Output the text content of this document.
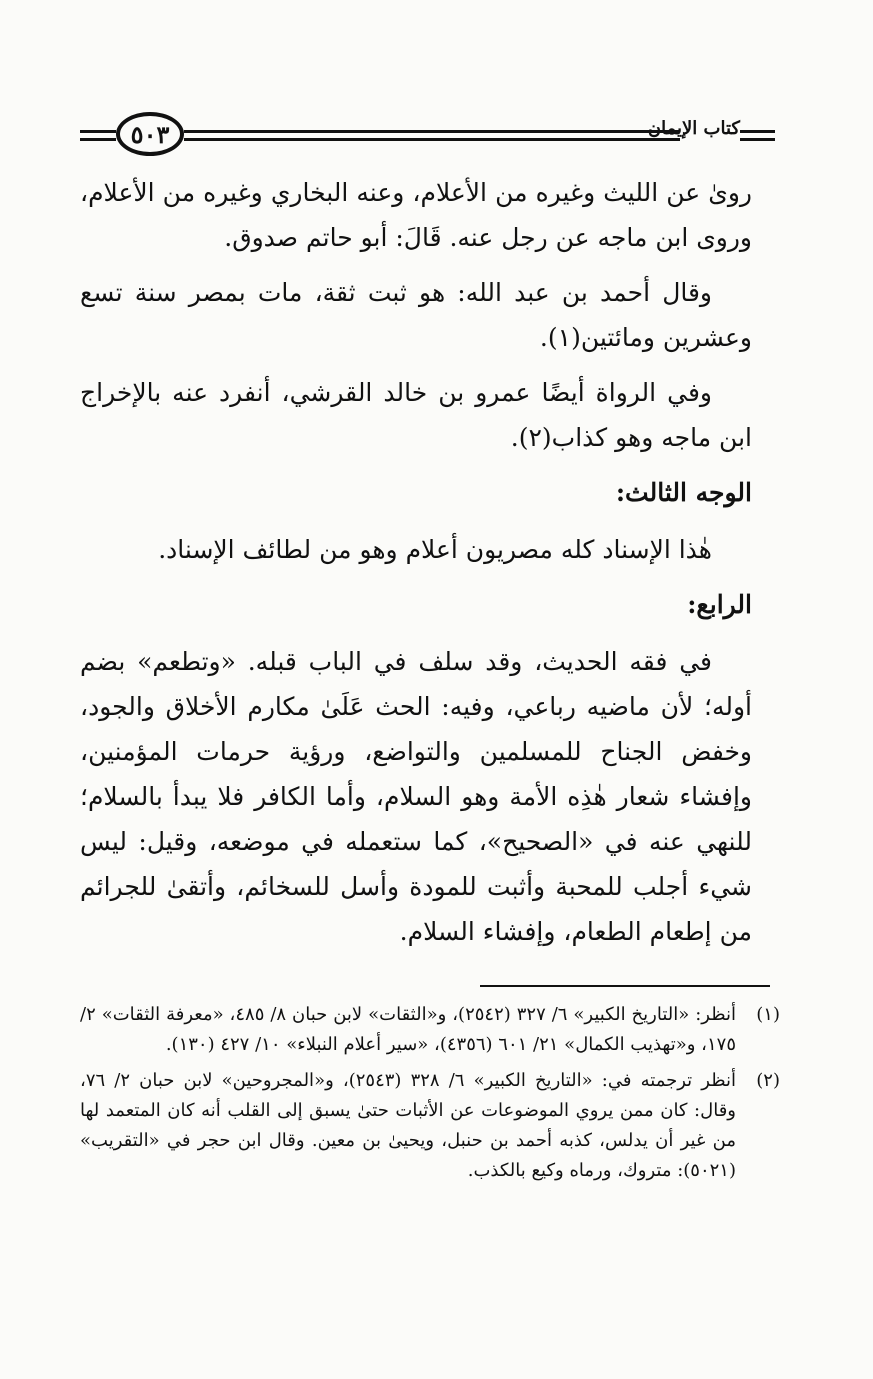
٥٠٣	كتاب الإيمان

رویٰ عن الليث وغيره من الأعلام، وعنه البخاري وغيره من الأعلام، وروى ابن ماجه عن رجل عنه. قَالَ: أبو حاتم صدوق.

وقال أحمد بن عبد الله: هو ثبت ثقة، مات بمصر سنة تسع وعشرين ومائتين(١).

وفي الرواة أيضًا عمرو بن خالد القرشي، أنفرد عنه بالإخراج ابن ماجه وهو كذاب(٢).

الوجه الثالث:

هٰذا الإسناد كله مصريون أعلام وهو من لطائف الإسناد.

الرابع:

في فقه الحديث، وقد سلف في الباب قبله. «وتطعم» بضم أوله؛ لأن ماضيه رباعي، وفيه: الحث عَلَىٰ مكارم الأخلاق والجود، وخفض الجناح للمسلمين والتواضع، ورؤية حرمات المؤمنين، وإفشاء شعار هٰذِه الأمة وهو السلام، وأما الكافر فلا يبدأ بالسلام؛ للنهي عنه في «الصحيح»، كما ستعمله في موضعه، وقيل: ليس شيء أجلب للمحبة وأثبت للمودة وأسل للسخائم، وأتقىٰ للجرائم من إطعام الطعام، وإفشاء السلام.

(١)
أنظر: «التاريخ الكبير» ٦/ ٣٢٧ (٢٥٤٢)، و«الثقات» لابن حبان ٨/ ٤٨٥، «معرفة الثقات» ٢/ ١٧٥، و«تهذيب الكمال» ٢١/ ٦٠١ (٤٣٥٦)، «سير أعلام النبلاء» ١٠/ ٤٢٧ (١٣٠).
(٢)
أنظر ترجمته في: «التاريخ الكبير» ٦/ ٣٢٨ (٢٥٤٣)، و«المجروحين» لابن حبان ٢/ ٧٦، وقال: كان ممن يروي الموضوعات عن الأثبات حتىٰ يسبق إلى القلب أنه كان المتعمد لها من غير أن يدلس، كذبه أحمد بن حنبل، ويحيىٰ بن معين. وقال ابن حجر في «التقريب» (٥٠٢١): متروك، ورماه وكيع بالكذب.
